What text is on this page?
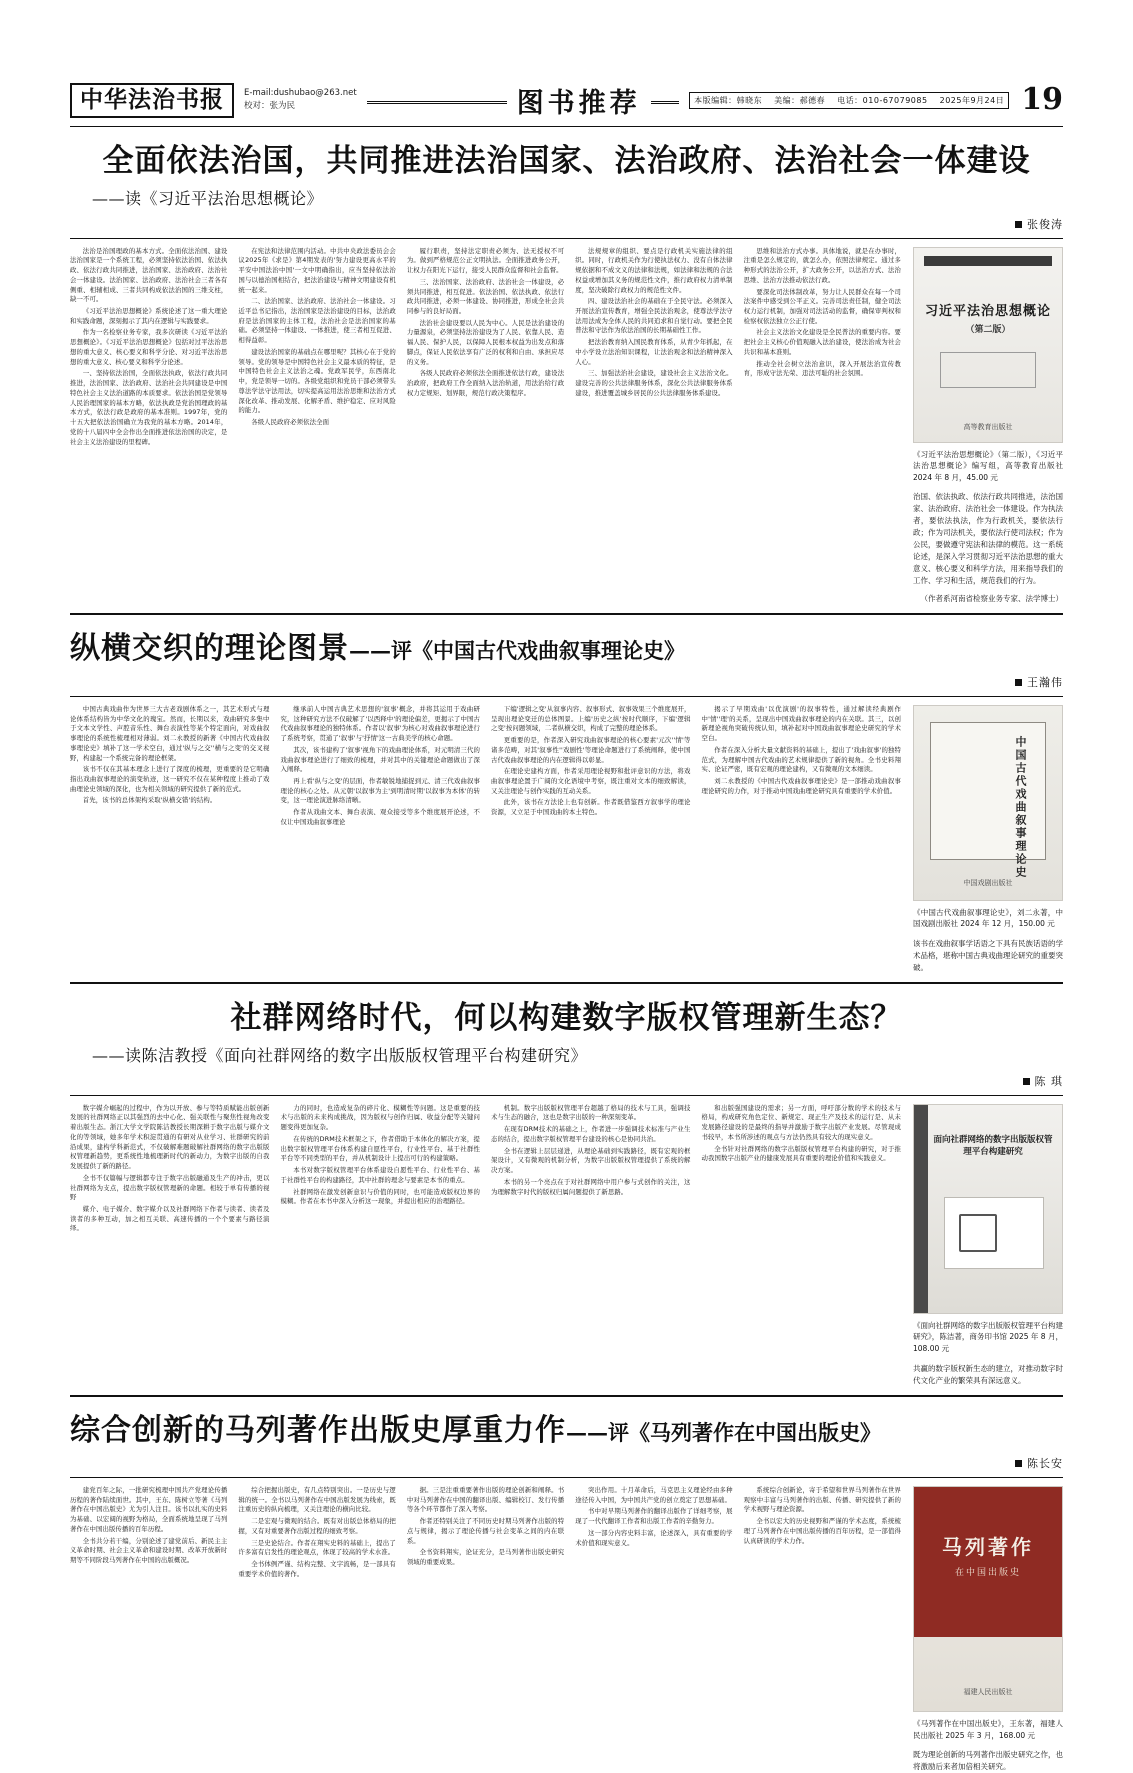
中华法治书报	E-mail:dushubao@263.net
校对：张为民	图书推荐	本版编辑：韩晓东 美编：郝德春 电话：010-67079085 2025年9月24日 19
全面依法治国，共同推进法治国家、法治政府、法治社会一体建设
——读《习近平法治思想概论》
张俊涛

法治是治国理政的基本方式。全面依法治国、建设法治国家是一个系统工程，必须坚持依法治国、依法执政、依法行政共同推进，法治国家、法治政府、法治社会一体建设。法治国家、法治政府、法治社会三者各有侧重、相辅相成、三者共同构成依法治国的三维支柱，缺一不可。

《习近平法治思想概论》系统论述了这一重大理论和实践命题，深刻揭示了其内在逻辑与实践要求。

作为一名检察业务专家，我多次研读《习近平法治思想概论》。《习近平法治思想概论》包括对过平法治思想的重大意义、核心要义和科学分论、对习近平法治思想的重大意义、核心要义和科学分论述。

一、坚持依法治国，全面依法执政，依法行政共同推进，法治国家、法治政府、法治社会共同建设是中国特色社会主义法治道路的本质要求。依法治国是党领导人民治理国家的基本方略，依法执政是党治国理政的基本方式，依法行政是政府的基本准则。1997年，党的十五大把依法治国确立为我党的基本方略。2014年，党的十八届四中全会作出全面推进依法治国的决定，是社会主义法治建设的里程碑。

在宪法和法律范围内活动。中共中央政法委员会会议2025年《求是》第4期发表的'努力建设更高水平的平安中国法治中国'一文中明确指出，应当坚持依法治国与以德治国相结合，把法治建设与精神文明建设有机统一起来。

二、法治国家、法治政府、法治社会一体建设。习近平总书记指出，法治国家是法治建设的目标，法治政府是法治国家的主体工程，法治社会是法治国家的基础。必须坚持一体建设、一体推进，使三者相互促进、相得益彰。

建设法治国家的基础点在哪里呢？其核心在于党的领导。党的领导是中国特色社会主义最本质的特征，是中国特色社会主义法治之魂。党政军民学，东西南北中，党是领导一切的。各级党组织和党员干部必须带头尊法学法守法用法，切实提高运用法治思维和法治方式深化改革、推动发展、化解矛盾、维护稳定、应对风险的能力。

各级人民政府必须依法全面

履行职责，坚持法定职责必须为、法无授权不可为。做到严格规范公正文明执法。全面推进政务公开，让权力在阳光下运行，接受人民群众监督和社会监督。

三、法治国家、法治政府、法治社会一体建设，必须共同推进，相互促进。依法治国、依法执政、依法行政共同推进，必须一体建设、协同推进，形成全社会共同参与的良好局面。

法治社会建设要以人民为中心。人民是法治建设的力量源泉，必须坚持法治建设为了人民、依靠人民、造福人民、保护人民，以保障人民根本权益为出发点和落脚点，保证人民依法享有广泛的权利和自由、承担应尽的义务。

各级人民政府必须依法全面推进依法行政，建设法治政府，把政府工作全面纳入法治轨道，用法治给行政权力定规矩、划界限，规范行政决策程序。

法规规章的组织、要点是行政机关实施法律的组织。同时，行政机关作为行使执法权力、没有自体法律规依据和不成文义的法律和法规，如法律和法规的合法权益或增加其义务的规范性文件，推行政府权力清单制度，坚决破除行政权力的规范性文件。

四、建设法治社会的基础在于全民守法。必须深入开展法治宣传教育，增强全民法治观念，使尊法学法守法用法成为全体人民的共同追求和自觉行动。要把全民普法和守法作为依法治国的长期基础性工作。

把法治教育纳入国民教育体系，从青少年抓起，在中小学设立法治知识课程，让法治观念和法治精神深入人心。

三、加强法治社会建设，建设社会主义法治文化。建设完善的公共法律服务体系，深化公共法律服务体系建设，推进覆盖城乡居民的公共法律服务体系建设。

思维和法治方式办事。具体地说，就是在办事时，注重是怎么规定的，就怎么办，依照法律规定。通过多种形式的法治公开，扩大政务公开，以法治方式、法治思维、法治方法推动依法行政。

要深化司法体制改革，努力让人民群众在每一个司法案件中感受到公平正义。完善司法责任制，健全司法权力运行机制，加强对司法活动的监督，确保审判权和检察权依法独立公正行使。

社会主义法治文化建设是全民普法的重要内容。要把社会主义核心价值观融入法治建设，使法治成为社会共识和基本准则。

推动全社会树立法治意识，深入开展法治宣传教育，形成守法光荣、违法可耻的社会氛围。

习近平法治思想概论
（第二版）
高等教育出版社
《习近平法治思想概论》（第二版），《习近平法治思想概论》编写组，高等教育出版社 2024 年 8 月，45.00 元
治国、依法执政、依法行政共同推进，法治国家、法治政府、法治社会一体建设。作为执法者，要依法执法，作为行政机关，要依法行政；作为司法机关，要依法行使司法权；作为公民，要做遵守宪法和法律的模范。这一系统论述，是深入学习贯彻习近平法治思想的重大意义、核心要义和科学方法，用来指导我们的工作、学习和生活，规范我们的行为。
（作者系河南省检察业务专家、法学博士）
纵横交织的理论图景——评《中国古代戏曲叙事理论史》
王瀚伟

中国古典戏曲作为世界三大古老戏剧体系之一，其艺术形式与理论体系结构皆为中华文化的瑰宝。然而，长期以来，戏曲研究多集中于文本文学性、声腔音乐性、舞台表演性等某个特定面向，对戏曲叙事理论的系统性梳理相对薄弱。刘二永教授的新著《中国古代戏曲叙事理论史》填补了这一学术空白，通过'纵与之交''横与之变'的交叉视野，构建起一个系统完备的理论框架。

该书不仅在其基本理念上进行了深度的梳理，更重要的是它明确指出戏曲叙事理论的演变轨迹，这一研究不仅在某种程度上推动了戏曲理论史领域的深化，也为相关领域的研究提供了新的范式。

首先，该书的总体架构采取'纵横交错'的结构。

继承前人中国古典艺术思想的'叙事'概念，并将其运用于戏曲研究，这种研究方法不仅破解了'以西释中'的理论偏差，更揭示了中国古代戏曲叙事理论的独特体系。作者以'叙事'为核心对戏曲叙事理论进行了系统考察，贯通了'叙事'与'抒情'这一古典美学的核心命题。

其次，该书建构了'叙事'视角下的戏曲理论体系，对元明清三代的戏曲叙事理论进行了细致的梳理，并对其中的关键理论命题做出了深入阐释。

再上看'纵与之变'的层面，作者敏锐地捕捉到元、清三代戏曲叙事理论的核心之处。从元朝'以叙事为主'到明清时期'以叙事为本体'的转变，这一理论演进脉络清晰。

作者从戏曲文本、舞台表演、观众接受等多个维度展开论述，不仅让中国戏曲叙事理论

下编'逻辑之变'从叙事内容、叙事形式、叙事效果三个维度展开，呈现出理论变迁的总体图景。上编'历史之纵'按时代顺序，下编'逻辑之变'按问题领域，二者纵横交织，构成了完整的理论体系。

更重要的是，作者深入研究戏曲叙事理论的核心要素'元次''情'等诸多范畴，对其'叙事性''戏剧性'等理论命题进行了系统阐释，使中国古代戏曲叙事理论的内在逻辑得以彰显。

在理论史建构方面，作者采用理论视野和批评意识的方法，将戏曲叙事理论置于广阔的文化语境中考察，既注重对文本的细致解读，又关注理论与创作实践的互动关系。

此外，该书在方法论上也有创新。作者既借鉴西方叙事学的理论资源，又立足于中国戏曲的本土特色。

揭示了早期戏曲'以优演剧'的叙事特性，通过解读经典剧作中'情''理'的关系，呈现出中国戏曲叙事理论的内在关联。其三，以创新理论视角突破传统认知，填补起对中国戏曲叙事理论史研究的学术空白。

作者在深入分析大量文献资料的基础上，提出了'戏曲叙事'的独特范式，为理解中国古代戏曲的艺术规律提供了新的视角。全书史料翔实、论证严密，既有宏观的理论建构，又有微观的文本细读。

刘二永教授的《中国古代戏曲叙事理论史》是一部推动戏曲叙事理论研究的力作，对于推动中国戏曲理论研究具有重要的学术价值。	中国古代戏曲叙事理论史
中国戏剧出版社
《中国古代戏曲叙事理论史》，刘二永著，中国戏剧出版社 2024 年 12 月，150.00 元
该书在戏曲叙事学话语之下具有民族话语的学术品格，堪称中国古典戏曲理论研究的重要突破。
社群网络时代，何以构建数字版权管理新生态？
——读陈洁教授《面向社群网络的数字出版版权管理平台构建研究》
陈 琪

数字媒介崛起的过程中，作为以开放、参与等特质赋能出版创新发展的社群网络正以其强烈的去中心化、强关联性与聚焦性视角改变着出版生态。浙江大学文学院陈洁教授长期深耕于数字出版与媒介文化的等领域，她多年学术积淀贯通的有研对从业学习、社群研究的前沿成果，建构学科新范式，不仅破解难题破解社群网络的数字出版版权管理新趋势，更系统性地梳理新时代的新动力，为数字出版的自我发展提供了新的路径。

全书不仅篇幅与逻辑都专注于数字出版融通及生产的冲击，更以社群网络为支点，提出数字版权管理新的命题。相较于单有传播的视野

媒介、电子媒介、数字媒介以及社群网络下作者与读者、读者及读者的多种互动，加之相互关联、高速传播的一个个要素与路径演绎。

力的同时，也造成复杂的碎片化、模糊性等问题。这是重要的技术与出版的未来构成挑战，因为版权与创作归属、收益分配等关键问题变得更加复杂。

在传统的DRM技术框架之下，作者借助于本体化的解决方案，提出数字版权管理平台体系构建自愿性平台，行业性平台、基于社群性平台等不同类型的平台，并从机制设计上提出可行的构建策略。

本书对数字版权管理平台体系建设自愿性平台、行业性平台、基于社群性平台的构建路径，其中社群的理念与要素是本书的重点。

社群网络在激发创新意识与价值的同时，也可能造成版权边界的模糊。作者在本书中深入分析这一现象，并提出相应的治理路径。

机制。数字出版版权管理平台超越了格局的技术与工具，强调技术与生态的融合，这也是数字出版的一种深刻变革。

在现有DRM技术的基础之上，作者进一步强调技术标准与产业生态的结合，提出数字版权管理平台建设的核心是协同共治。

全书在逻辑上层层递进，从理论基础到实践路径，既有宏观的框架设计，又有微观的机制分析，为数字出版版权管理提供了系统的解决方案。

本书的另一个亮点在于对社群网络中用户参与式创作的关注，这为理解数字时代的版权归属问题提供了新思路。

和出版强国建设的需求；另一方面，呼吁部分数的学术的技术与格局，构成研究角色定位、新规定、现正生产及技术的运行是、从未发展路径建设的是最终的指导并激励于数字出版产业发展。尽管现成书较早，本书所涉述的观点与方法仍然具有较大的现实意义。

全书针对社群网络的数字出版版权管理平台构建的研究，对于推动我国数字出版产业的健康发展具有重要的理论价值和实践意义。

面向社群网络的数字出版版权管理平台构建研究
《面向社群网络的数字出版版权管理平台构建研究》，陈洁著，商务印书馆 2025 年 8 月，108.00 元
共赢的数字版权新生态的建立，对推动数字时代文化产业的繁荣具有深远意义。
综合创新的马列著作出版史厚重力作——评《马列著作在中国出版史》
陈长安

建党百年之际，一批研究梳理中国共产党理论传播历程的著作陆续面世。其中，王东、陈树立等著《马列著作在中国出版史》尤为引人注目。该书以扎实的史料为基础、以宏阔的视野为格局，全面系统地呈现了马列著作在中国出版传播的百年历程。

全书共分若干编，分别论述了建党前后、新民主主义革命时期、社会主义革命和建设时期、改革开放新时期等不同阶段马列著作在中国的出版概况。

综合把握出版史，有几点特别突出。一是历史与逻辑的统一。全书以马列著作在中国出版发展为线索，既注重历史的纵向梳理，又关注理论的横向比较。

二是宏观与微观的结合。既有对出版总体格局的把握，又有对重要著作出版过程的细致考察。

三是史论结合。作者在翔实史料的基础上，提出了许多富有启发性的理论观点，体现了较高的学术水准。

全书体例严谨、结构完整、文字流畅，是一部具有重要学术价值的著作。

据。三是注重重要著作出版的理论创新和阐释。书中对马列著作在中国的翻译出版、编辑校订、发行传播等各个环节都作了深入考察。

作者还特别关注了不同历史时期马列著作出版的特点与规律，揭示了理论传播与社会变革之间的内在联系。

全书资料翔实，论证充分，是马列著作出版史研究领域的重要成果。

突出作用。十月革命后，马克思主义理论经由多种途径传入中国，为中国共产党的创立奠定了思想基础。

书中对早期马列著作的翻译出版作了详细考察，展现了一代代翻译工作者和出版工作者的辛勤努力。

这一部分内容史料丰富，论述深入，具有重要的学术价值和现实意义。

系统综合创新论，寄于希望和世界马列著作在世界观察中丰富与马列著作的出版、传播、研究提供了新的学术视野与理论资源。

全书以宏大的历史视野和严谨的学术态度，系统梳理了马列著作在中国出版传播的百年历程，是一部值得认真研读的学术力作。	马列著作
在中国出版史
福建人民出版社
《马列著作在中国出版史》，王东著，福建人民出版社 2025 年 3 月，168.00 元
既为理论创新的马列著作出版史研究之作，也将激励后来者加倍相关研究。
